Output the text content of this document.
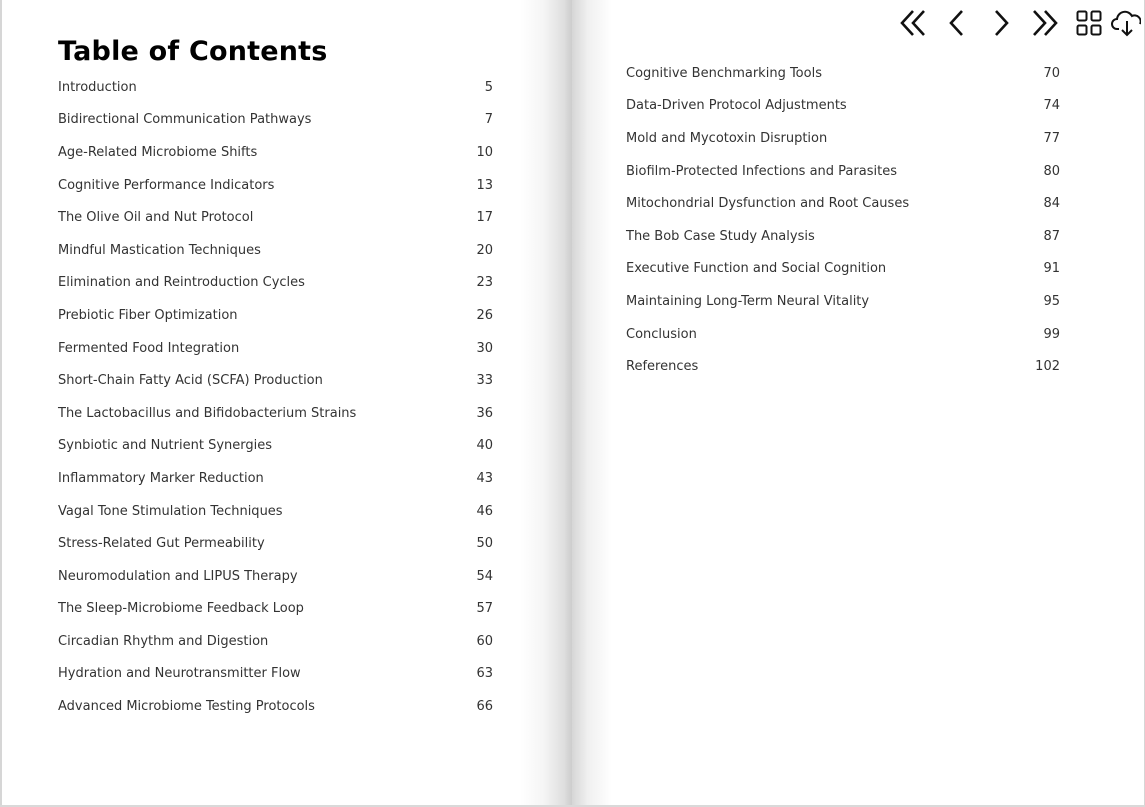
Table of Contents
Introduction	5
Bidirectional Communication Pathways	7
Age-Related Microbiome Shifts	10
Cognitive Performance Indicators	13
The Olive Oil and Nut Protocol	17
Mindful Mastication Techniques	20
Elimination and Reintroduction Cycles	23
Prebiotic Fiber Optimization	26
Fermented Food Integration	30
Short-Chain Fatty Acid (SCFA) Production	33
The Lactobacillus and Bifidobacterium Strains	36
Synbiotic and Nutrient Synergies	40
Inflammatory Marker Reduction	43
Vagal Tone Stimulation Techniques	46
Stress-Related Gut Permeability	50
Neuromodulation and LIPUS Therapy	54
The Sleep-Microbiome Feedback Loop	57
Circadian Rhythm and Digestion	60
Hydration and Neurotransmitter Flow	63
Advanced Microbiome Testing Protocols	66
Cognitive Benchmarking Tools	70
Data-Driven Protocol Adjustments	74
Mold and Mycotoxin Disruption	77
Biofilm-Protected Infections and Parasites	80
Mitochondrial Dysfunction and Root Causes	84
The Bob Case Study Analysis	87
Executive Function and Social Cognition	91
Maintaining Long-Term Neural Vitality	95
Conclusion	99
References	102
